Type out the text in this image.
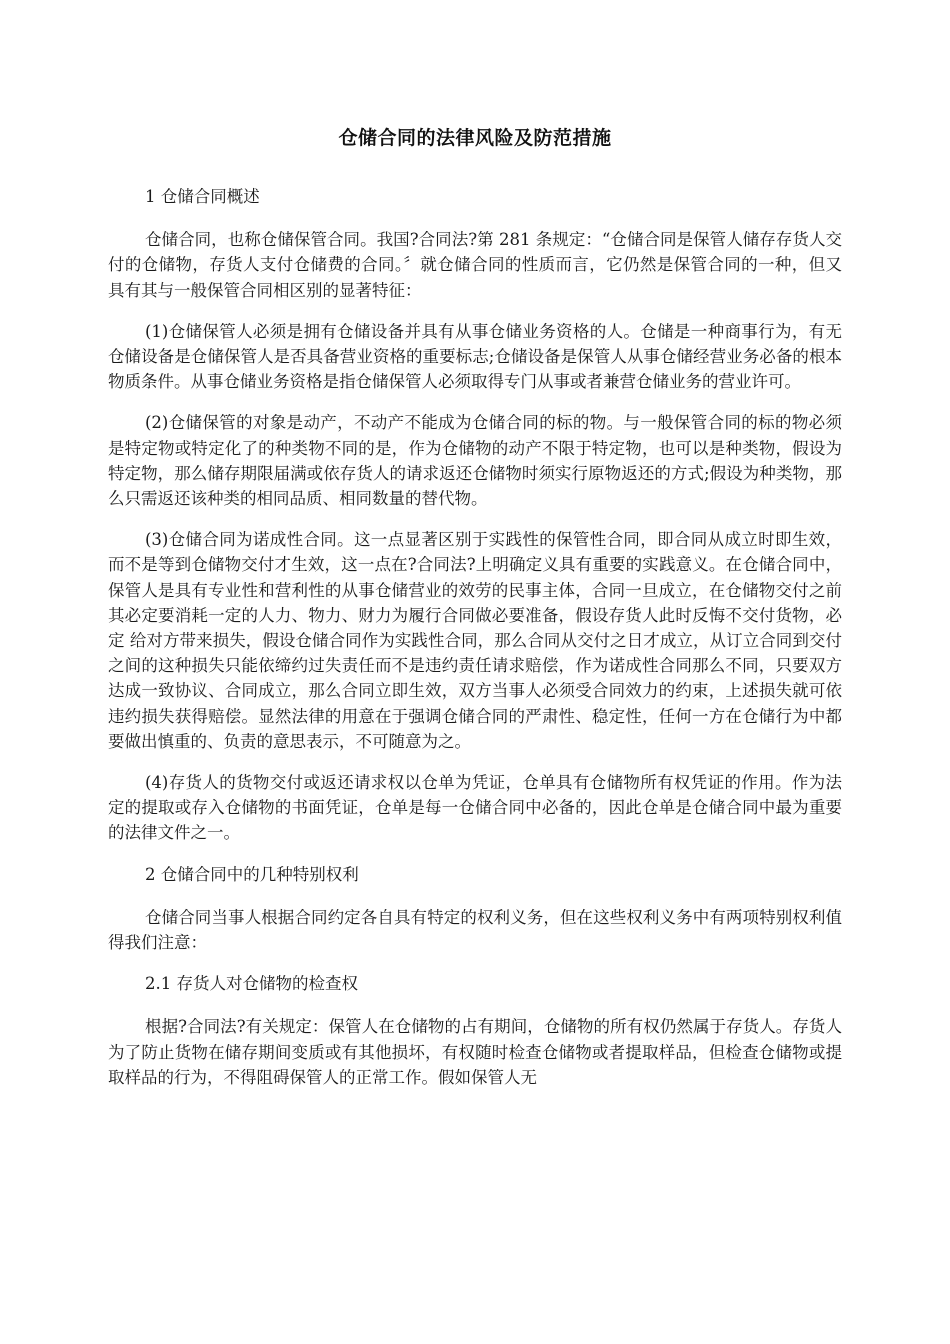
仓储合同的法律风险及防范措施

1 仓储合同概述

仓储合同，也称仓储保管合同。我国?合同法?第 281 条规定：“仓储合同是保管人储存存货人交付的仓储物，存货人支付仓储费的合同。〞就仓储合同的性质而言，它仍然是保管合同的一种，但又具有其与一般保管合同相区别的显著特征：

(1)仓储保管人必须是拥有仓储设备并具有从事仓储业务资格的人。仓储是一种商事行为，有无仓储设备是仓储保管人是否具备营业资格的重要标志;仓储设备是保管人从事仓储经营业务必备的根本物质条件。从事仓储业务资格是指仓储保管人必须取得专门从事或者兼营仓储业务的营业许可。

(2)仓储保管的对象是动产，不动产不能成为仓储合同的标的物。与一般保管合同的标的物必须是特定物或特定化了的种类物不同的是，作为仓储物的动产不限于特定物，也可以是种类物，假设为特定物，那么储存期限届满或依存货人的请求返还仓储物时须实行原物返还的方式;假设为种类物，那么只需返还该种类的相同品质、相同数量的替代物。

(3)仓储合同为诺成性合同。这一点显著区别于实践性的保管性合同，即合同从成立时即生效，而不是等到仓储物交付才生效，这一点在?合同法?上明确定义具有重要的实践意义。在仓储合同中，保管人是具有专业性和营利性的从事仓储营业的效劳的民事主体，合同一旦成立，在仓储物交付之前其必定要消耗一定的人力、物力、财力为履行合同做必要准备，假设存货人此时反悔不交付货物，必定 给对方带来损失，假设仓储合同作为实践性合同，那么合同从交付之日才成立，从订立合同到交付之间的这种损失只能依缔约过失责任而不是违约责任请求赔偿，作为诺成性合同那么不同，只要双方 达成一致协议、合同成立，那么合同立即生效，双方当事人必须受合同效力的约束，上述损失就可依违约损失获得赔偿。显然法律的用意在于强调仓储合同的严肃性、稳定性，任何一方在仓储行为中都要做出慎重的、负责的意思表示，不可随意为之。

(4)存货人的货物交付或返还请求权以仓单为凭证，仓单具有仓储物所有权凭证的作用。作为法定的提取或存入仓储物的书面凭证，仓单是每一仓储合同中必备的，因此仓单是仓储合同中最为重要的法律文件之一。

2 仓储合同中的几种特别权利

仓储合同当事人根据合同约定各自具有特定的权利义务，但在这些权利义务中有两项特别权利值得我们注意：

2.1 存货人对仓储物的检查权

根据?合同法?有关规定：保管人在仓储物的占有期间，仓储物的所有权仍然属于存货人。存货人为了防止货物在储存期间变质或有其他损坏，有权随时检查仓储物或者提取样品，但检查仓储物或提取样品的行为，不得阻碍保管人的正常工作。假如保管人无
